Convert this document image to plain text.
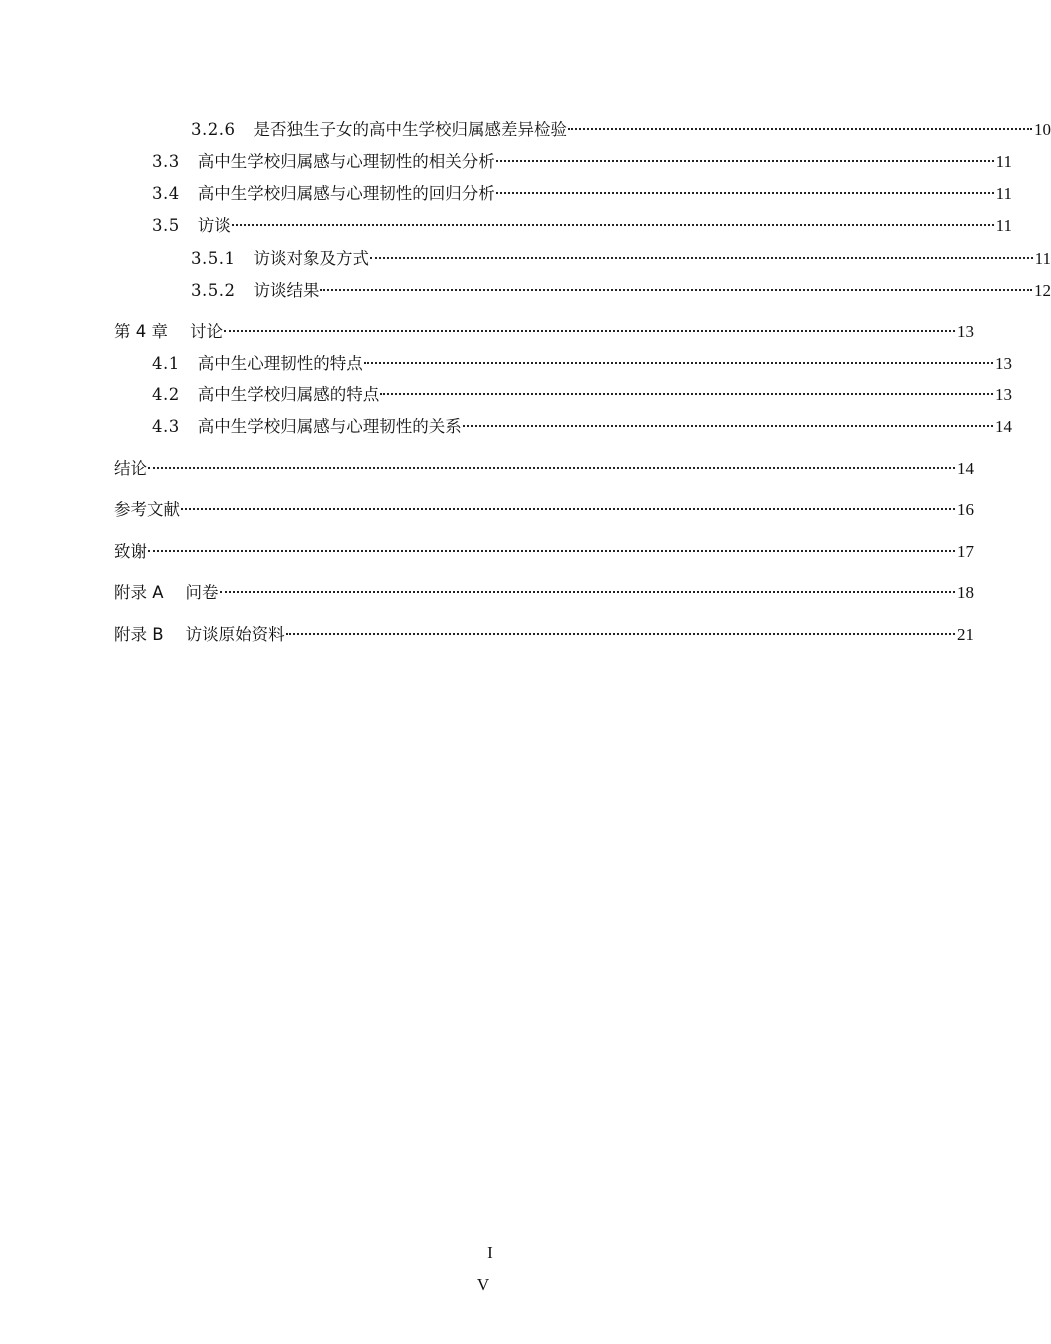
3.2.6 是否独生子女的高中生学校归属感差异检验	10
3.3 高中生学校归属感与心理韧性的相关分析	11
3.4 高中生学校归属感与心理韧性的回归分析	11
3.5 访谈	11
3.5.1 访谈对象及方式	11
3.5.2 访谈结果	12
第 4 章 讨论	13
4.1 高中生心理韧性的特点	13
4.2 高中生学校归属感的特点	13
4.3 高中生学校归属感与心理韧性的关系	14
结论	14
参考文献	16
致谢	17
附录 A 问卷	18
附录 B 访谈原始资料	21
I
V
